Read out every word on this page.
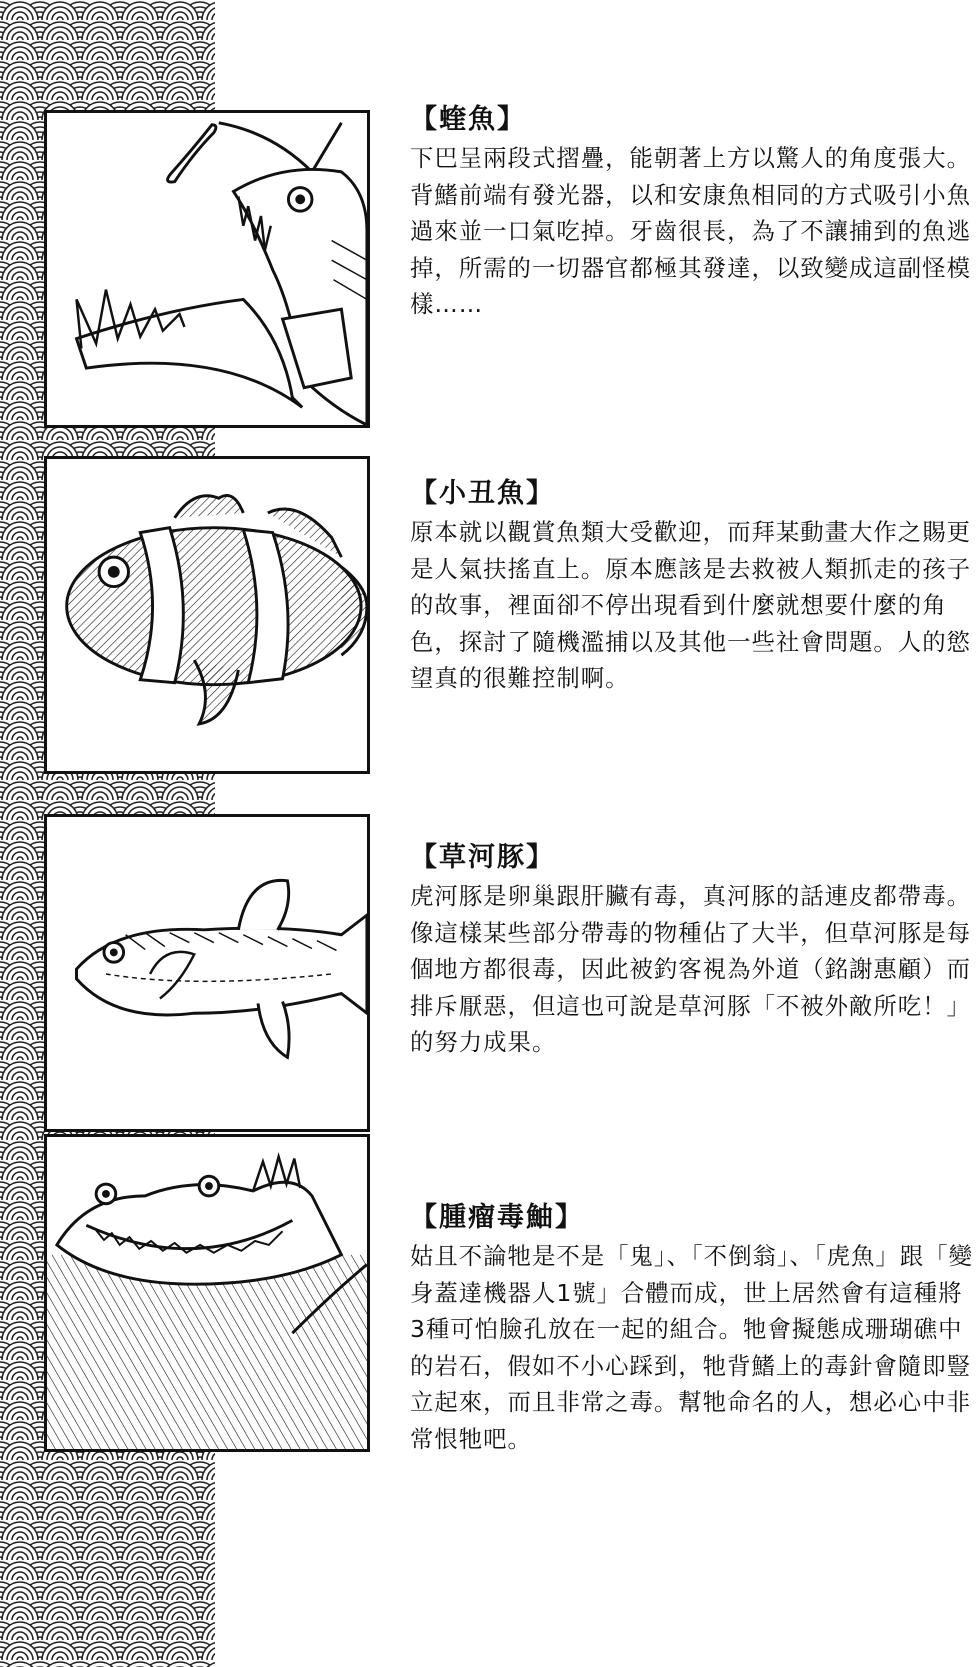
【蝰魚】

下巴呈兩段式摺疊，能朝著上方以驚人的角度張大。背鰭前端有發光器，以和安康魚相同的方式吸引小魚過來並一口氣吃掉。牙齒很長，為了不讓捕到的魚逃掉，所需的一切器官都極其發達，以致變成這副怪模樣……

【小丑魚】

原本就以觀賞魚類大受歡迎，而拜某動畫大作之賜更是人氣扶搖直上。原本應該是去救被人類抓走的孩子的故事，裡面卻不停出現看到什麼就想要什麼的角色，探討了隨機濫捕以及其他一些社會問題。人的慾望真的很難控制啊。

【草河豚】

虎河豚是卵巢跟肝臟有毒，真河豚的話連皮都帶毒。像這樣某些部分帶毒的物種佔了大半，但草河豚是每個地方都很毒，因此被釣客視為外道（銘謝惠顧）而排斥厭惡，但這也可說是草河豚「不被外敵所吃！」的努力成果。

【腫瘤毒鮋】

姑且不論牠是不是「鬼」、「不倒翁」、「虎魚」跟「變身蓋達機器人1號」合體而成，世上居然會有這種將3種可怕臉孔放在一起的組合。牠會擬態成珊瑚礁中的岩石，假如不小心踩到，牠背鰭上的毒針會隨即豎立起來，而且非常之毒。幫牠命名的人，想必心中非常恨牠吧。
